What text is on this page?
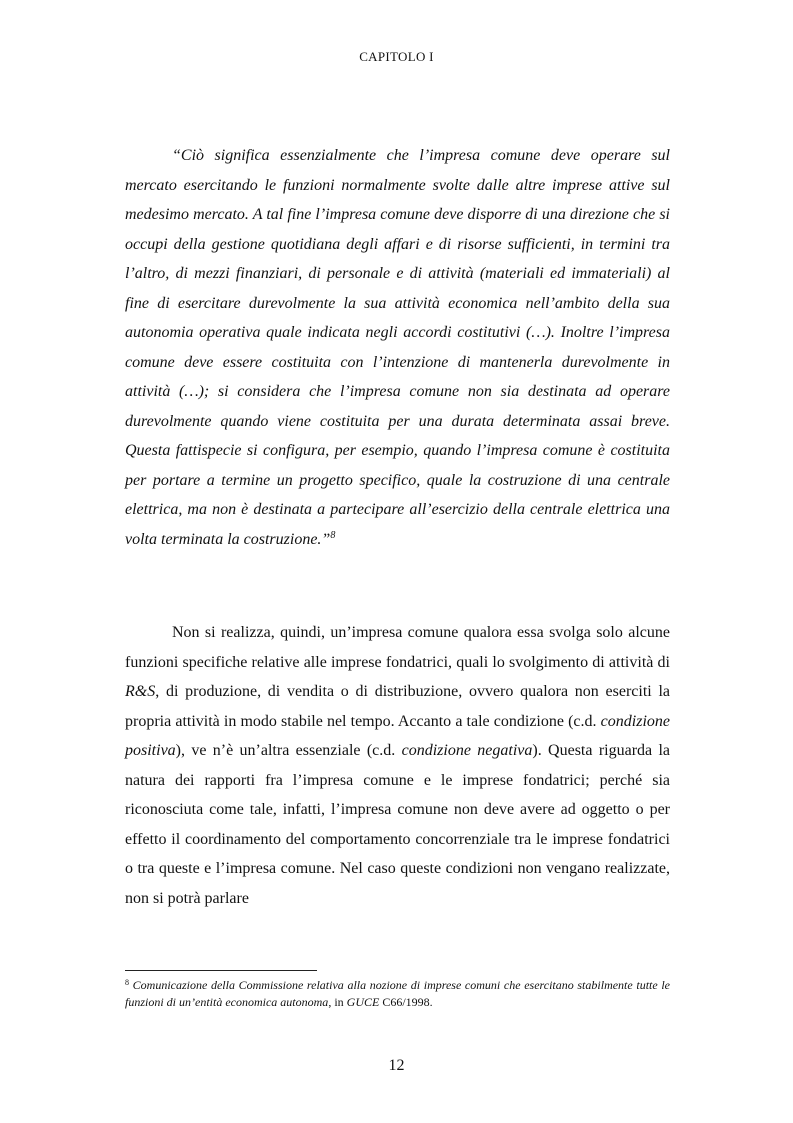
CAPITOLO I
“Ciò significa essenzialmente che l’impresa comune deve operare sul mercato esercitando le funzioni normalmente svolte dalle altre imprese attive sul medesimo mercato. A tal fine l’impresa comune deve disporre di una direzione che si occupi della gestione quotidiana degli affari e di risorse sufficienti, in termini tra l’altro, di mezzi finanziari, di personale e di attività (materiali ed immateriali) al fine di esercitare durevolmente la sua attività economica nell’ambito della sua autonomia operativa quale indicata negli accordi costitutivi (…). Inoltre l’impresa comune deve essere costituita con l’intenzione di mantenerla durevolmente in attività (…); si considera che l’impresa comune non sia destinata ad operare durevolmente quando viene costituita per una durata determinata assai breve. Questa fattispecie si configura, per esempio, quando l’impresa comune è costituita per portare a termine un progetto specifico, quale la costruzione di una centrale elettrica, ma non è destinata a partecipare all’esercizio della centrale elettrica una volta terminata la costruzione.”$^8$
Non si realizza, quindi, un’impresa comune qualora essa svolga solo alcune funzioni specifiche relative alle imprese fondatrici, quali lo svolgimento di attività di R&S, di produzione, di vendita o di distribuzione, ovvero qualora non eserciti la propria attività in modo stabile nel tempo. Accanto a tale condizione (c.d. condizione positiva), ve n’è un’altra essenziale (c.d. condizione negativa). Questa riguarda la natura dei rapporti fra l’impresa comune e le imprese fondatrici; perché sia riconosciuta come tale, infatti, l’impresa comune non deve avere ad oggetto o per effetto il coordinamento del comportamento concorrenziale tra le imprese fondatrici o tra queste e l’impresa comune. Nel caso queste condizioni non vengano realizzate, non si potrà parlare
$^8$ Comunicazione della Commissione relativa alla nozione di imprese comuni che esercitano stabilmente tutte le funzioni di un’entità economica autonoma, in GUCE C66/1998.
12
